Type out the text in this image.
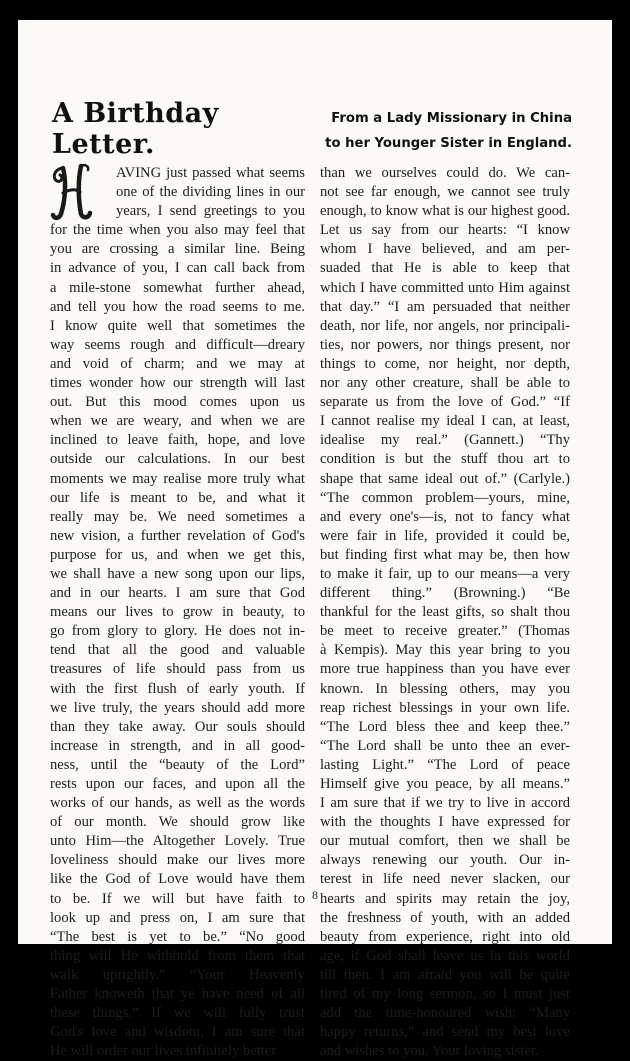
A Birthday
Letter.
From a Lady Missionary in China
to her Younger Sister in England.
AVING just passed what seems
one of the dividing lines in our
years, I send greetings to you
for the time when you also may feel that
you are crossing a similar line. Being
in advance of you, I can call back from
a mile-stone somewhat further ahead,
and tell you how the road seems to me.
I know quite well that sometimes the
way seems rough and difficult—dreary
and void of charm; and we may at
times wonder how our strength will last
out. But this mood comes upon us
when we are weary, and when we are
inclined to leave faith, hope, and love
outside our calculations. In our best
moments we may realise more truly what
our life is meant to be, and what it
really may be. We need sometimes a
new vision, a further revelation of God's
purpose for us, and when we get this,
we shall have a new song upon our lips,
and in our hearts. I am sure that God
means our lives to grow in beauty, to
go from glory to glory. He does not in-
tend that all the good and valuable
treasures of life should pass from us
with the first flush of early youth. If
we live truly, the years should add more
than they take away. Our souls should
increase in strength, and in all good-
ness, until the “beauty of the Lord”
rests upon our faces, and upon all the
works of our hands, as well as the words
of our month. We should grow like
unto Him—the Altogether Lovely. True
loveliness should make our lives more
like the God of Love would have them
to be. If we will but have faith to
look up and press on, I am sure that
“The best is yet to be.” “No good
thing will He withhold from them that
walk uprightly.” “Your Heavenly
Father knoweth that ye have need of all
these things.” If we will fully trust
God's love and wisdom, I am sure that
He will order our lives infinitely better
than we ourselves could do. We can-
not see far enough, we cannot see truly
enough, to know what is our highest good.
Let us say from our hearts: “I know
whom I have believed, and am per-
suaded that He is able to keep that
which I have committed unto Him against
that day.” “I am persuaded that neither
death, nor life, nor angels, nor principali-
ties, nor powers, nor things present, nor
things to come, nor height, nor depth,
nor any other creature, shall be able to
separate us from the love of God.” “If
I cannot realise my ideal I can, at least,
idealise my real.” (Gannett.) “Thy
condition is but the stuff thou art to
shape that same ideal out of.” (Carlyle.)
“The common problem—yours, mine,
and every one's—is, not to fancy what
were fair in life, provided it could be,
but finding first what may be, then how
to make it fair, up to our means—a very
different thing.” (Browning.) “Be
thankful for the least gifts, so shalt thou
be meet to receive greater.” (Thomas
à Kempis). May this year bring to you
more true happiness than you have ever
known. In blessing others, may you
reap richest blessings in your own life.
“The Lord bless thee and keep thee.”
“The Lord shall be unto thee an ever-
lasting Light.” “The Lord of peace
Himself give you peace, by all means.”
I am sure that if we try to live in accord
with the thoughts I have expressed for
our mutual comfort, then we shall be
always renewing our youth. Our in-
terest in life need never slacken, our
hearts and spirits may retain the joy,
the freshness of youth, with an added
beauty from experience, right into old
age, if God shall leave us in this world
till then. I am afraid you will be quite
tired of my long sermon, so I must just
add the time-honoured wish: “Many
happy returns,” and send my best love
and wishes to you. Your loving sister.
8
